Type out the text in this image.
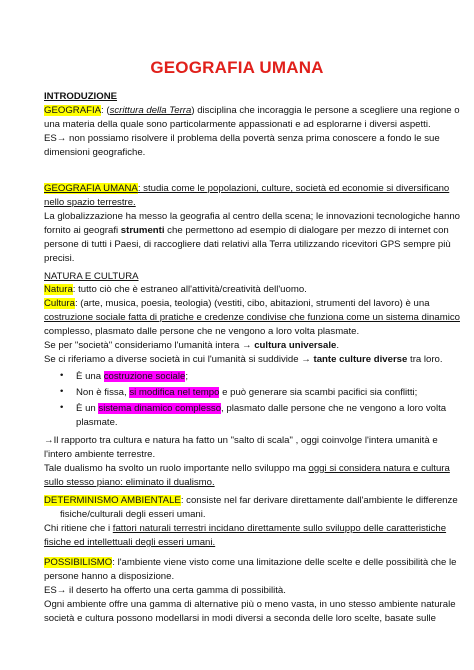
GEOGRAFIA UMANA
INTRODUZIONE
GEOGRAFIA: (scrittura della Terra) disciplina che incoraggia le persone a scegliere una regione o
una materia della quale sono particolarmente appassionati e ad esplorarne i diversi aspetti.
ES→ non possiamo risolvere il problema della povertà senza prima conoscere a fondo le sue
dimensioni geografiche.
GEOGRAFIA UMANA: studia come le popolazioni, culture, società ed economie si diversificano
nello spazio terrestre.
La globalizzazione ha messo la geografia al centro della scena; le innovazioni tecnologiche hanno
fornito ai geografi strumenti che permettono ad esempio di dialogare per mezzo di internet con
persone di tutti i Paesi, di raccogliere dati relativi alla Terra utilizzando ricevitori GPS sempre più
precisi.
NATURA E CULTURA
Natura: tutto ciò che è estraneo all'attività/creatività dell'uomo.
Cultura: (arte, musica, poesia, teologia) (vestiti, cibo, abitazioni, strumenti del lavoro) è una
costruzione sociale fatta di pratiche e credenze condivise che funziona come un sistema dinamico
complesso, plasmato dalle persone che ne vengono a loro volta plasmate.
Se per "società" consideriamo l'umanità intera → cultura universale.
Se ci riferiamo a diverse società in cui l'umanità si suddivide → tante culture diverse tra loro.
• È una costruzione sociale;
• Non è fissa, si modifica nel tempo e può generare sia scambi pacifici sia conflitti;
• È un sistema dinamico complesso, plasmato dalle persone che ne vengono a loro volta
plasmate.
→Il rapporto tra cultura e natura ha fatto un "salto di scala" , oggi coinvolge l'intera umanità e
l'intero ambiente terrestre.
Tale dualismo ha svolto un ruolo importante nello sviluppo ma oggi si considera natura e cultura
sullo stesso piano: eliminato il dualismo.
DETERMINISMO AMBIENTALE: consiste nel far derivare direttamente dall'ambiente le differenze
fisiche/culturali degli esseri umani.
Chi ritiene che i fattori naturali terrestri incidano direttamente sullo sviluppo delle caratteristiche
fisiche ed intellettuali degli esseri umani.
POSSIBILISMO: l'ambiente viene visto come una limitazione delle scelte e delle possibilità che le
persone hanno a disposizione.
ES→ il deserto ha offerto una certa gamma di possibilità.
Ogni ambiente offre una gamma di alternative più o meno vasta, in uno stesso ambiente naturale
società e cultura possono modellarsi in modi diversi a seconda delle loro scelte, basate sulle
